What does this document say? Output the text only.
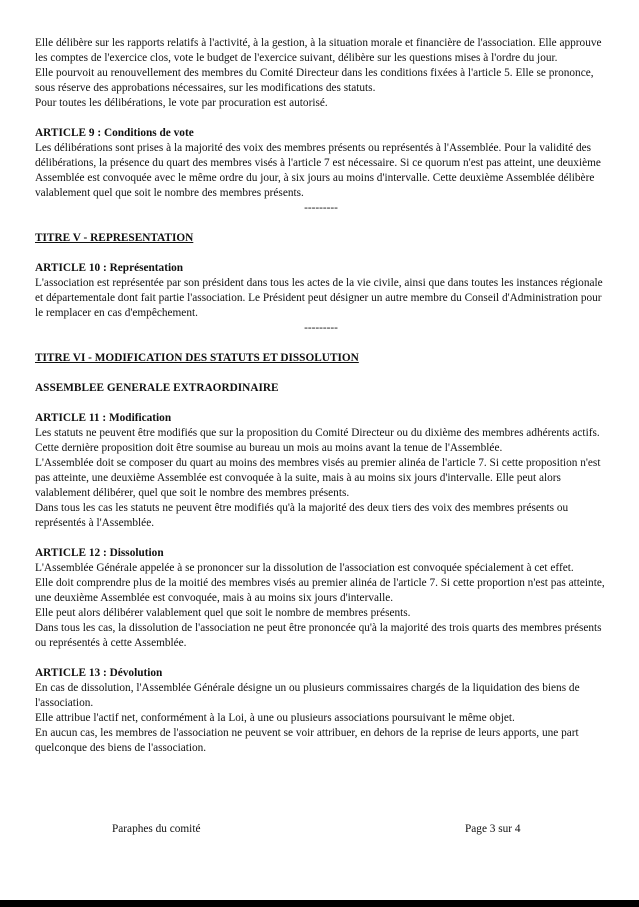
Elle délibère sur les rapports relatifs à l'activité, à la gestion, à la situation morale et financière de l'association. Elle approuve les comptes de l'exercice clos, vote le budget de l'exercice suivant, délibère sur les questions mises à l'ordre du jour.

Elle pourvoit au renouvellement des membres du Comité Directeur dans les conditions fixées à l'article 5. Elle se prononce, sous réserve des approbations nécessaires, sur les modifications des statuts.

Pour toutes les délibérations, le vote par procuration est autorisé.

ARTICLE 9 : Conditions de vote

Les délibérations sont prises à la majorité des voix des membres présents ou représentés à l'Assemblée. Pour la validité des délibérations, la présence du quart des membres visés à l'article 7 est nécessaire. Si ce quorum n'est pas atteint, une deuxième Assemblée est convoquée avec le même ordre du jour, à six jours au moins d'intervalle. Cette deuxième Assemblée délibère valablement quel que soit le nombre des membres présents.

---------

TITRE V - REPRESENTATION

ARTICLE 10 : Représentation

L'association est représentée par son président dans tous les actes de la vie civile, ainsi que dans toutes les instances régionale et départementale dont fait partie l'association. Le Président peut désigner un autre membre du Conseil d'Administration pour le remplacer en cas d'empêchement.

---------

TITRE VI - MODIFICATION DES STATUTS ET DISSOLUTION

ASSEMBLEE GENERALE EXTRAORDINAIRE

ARTICLE 11 : Modification

Les statuts ne peuvent être modifiés que sur la proposition du Comité Directeur ou du dixième des membres adhérents actifs.

Cette dernière proposition doit être soumise au bureau un mois au moins avant la tenue de l'Assemblée.

L'Assemblée doit se composer du quart au moins des membres visés au premier alinéa de l'article 7. Si cette proposition n'est pas atteinte, une deuxième Assemblée est convoquée à la suite, mais à au moins six jours d'intervalle. Elle peut alors valablement délibérer, quel que soit le nombre des membres présents.

Dans tous les cas les statuts ne peuvent être modifiés qu'à la majorité des deux tiers des voix des membres présents ou représentés à l'Assemblée.

ARTICLE 12 : Dissolution

L'Assemblée Générale appelée à se prononcer sur la dissolution de l'association est convoquée spécialement à cet effet.

Elle doit comprendre plus de la moitié des membres visés au premier alinéa de l'article 7. Si cette proportion n'est pas atteinte, une deuxième Assemblée est convoquée, mais à au moins six jours d'intervalle.

Elle peut alors délibérer valablement quel que soit le nombre de membres présents.

Dans tous les cas, la dissolution de l'association ne peut être prononcée qu'à la majorité des trois quarts des membres présents ou représentés à cette Assemblée.

ARTICLE 13 : Dévolution

En cas de dissolution, l'Assemblée Générale désigne un ou plusieurs commissaires chargés de la liquidation des biens de l'association.

Elle attribue l'actif net, conformément à la Loi, à une ou plusieurs associations poursuivant le même objet.

En aucun cas, les membres de l'association ne peuvent se voir attribuer, en dehors de la reprise de leurs apports, une part quelconque des biens de l'association.

Paraphes du comité	Page 3 sur 4
